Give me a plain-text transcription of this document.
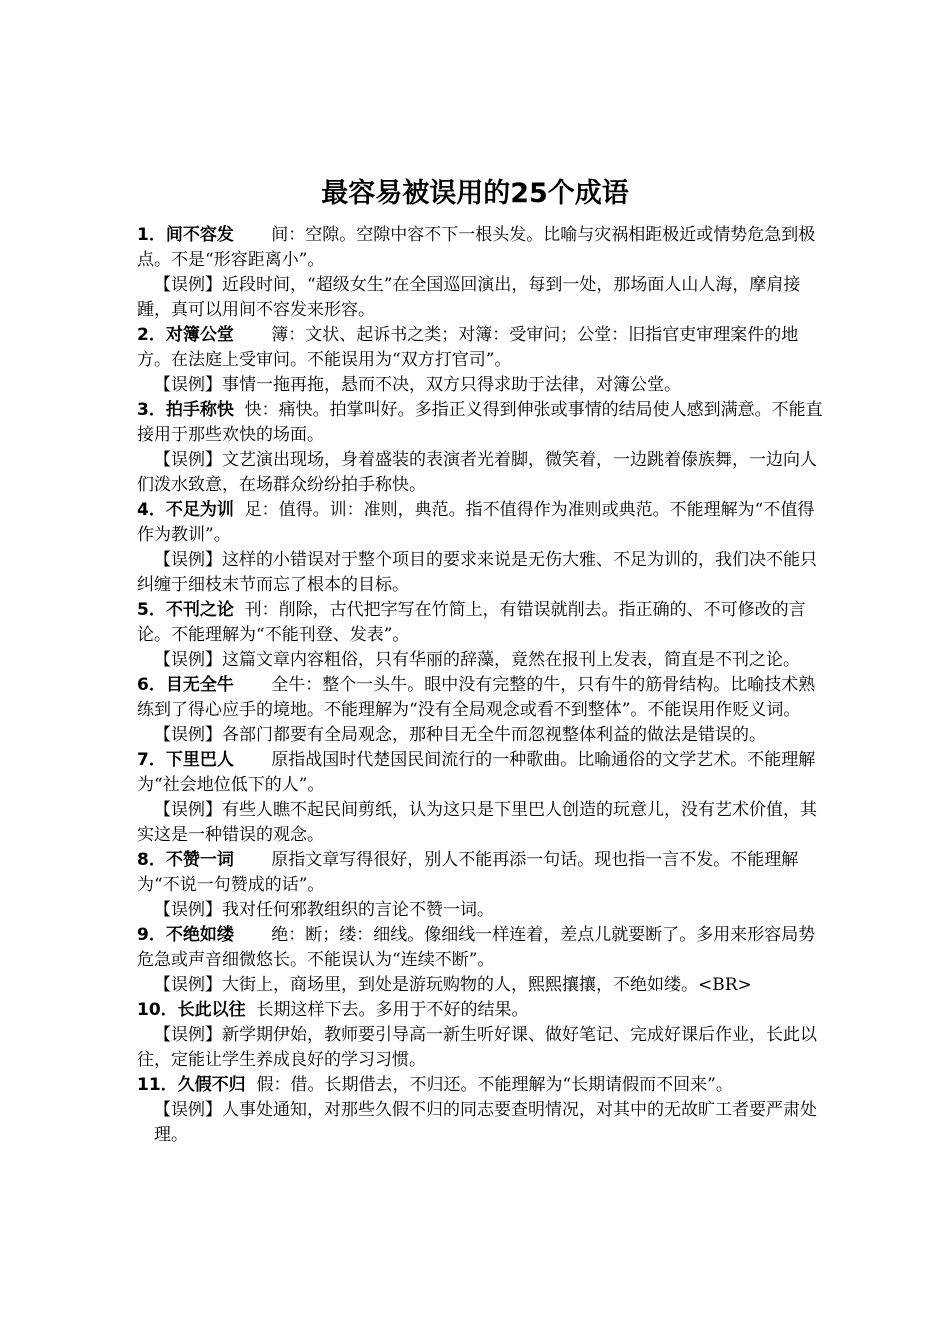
最容易被误用的25个成语

1．间不容发 间：空隙。空隙中容不下一根头发。比喻与灾祸相距极近或情势危急到极点。不是“形容距离小”。

【误例】近段时间，“超级女生”在全国巡回演出，每到一处，那场面人山人海，摩肩接踵，真可以用间不容发来形容。

2．对簿公堂 簿：文状、起诉书之类；对簿：受审问；公堂：旧指官吏审理案件的地方。在法庭上受审问。不能误用为“双方打官司”。

【误例】事情一拖再拖，悬而不决，双方只得求助于法律，对簿公堂。

3．拍手称快 快：痛快。拍掌叫好。多指正义得到伸张或事情的结局使人感到满意。不能直接用于那些欢快的场面。

【误例】文艺演出现场，身着盛装的表演者光着脚，微笑着，一边跳着傣族舞，一边向人们泼水致意，在场群众纷纷拍手称快。

4．不足为训 足：值得。训：准则，典范。指不值得作为准则或典范。不能理解为“不值得作为教训”。

【误例】这样的小错误对于整个项目的要求来说是无伤大雅、不足为训的，我们决不能只纠缠于细枝末节而忘了根本的目标。

5．不刊之论 刊：削除，古代把字写在竹简上，有错误就削去。指正确的、不可修改的言论。不能理解为“不能刊登、发表”。

【误例】这篇文章内容粗俗，只有华丽的辞藻，竟然在报刊上发表，简直是不刊之论。

6．目无全牛 全牛：整个一头牛。眼中没有完整的牛，只有牛的筋骨结构。比喻技术熟练到了得心应手的境地。不能理解为“没有全局观念或看不到整体”。不能误用作贬义词。

【误例】各部门都要有全局观念，那种目无全牛而忽视整体利益的做法是错误的。

7．下里巴人 原指战国时代楚国民间流行的一种歌曲。比喻通俗的文学艺术。不能理解为“社会地位低下的人”。

【误例】有些人瞧不起民间剪纸，认为这只是下里巴人创造的玩意儿，没有艺术价值，其实这是一种错误的观念。

8．不赞一词 原指文章写得很好，别人不能再添一句话。现也指一言不发。不能理解为“不说一句赞成的话”。

【误例】我对任何邪教组织的言论不赞一词。

9．不绝如缕 绝：断；缕：细线。像细线一样连着，差点儿就要断了。多用来形容局势危急或声音细微悠长。不能误认为“连续不断”。

【误例】大街上，商场里，到处是游玩购物的人，熙熙攘攘，不绝如缕。<BR>

10．长此以往 长期这样下去。多用于不好的结果。

【误例】新学期伊始，教师要引导高一新生听好课、做好笔记、完成好课后作业，长此以往，定能让学生养成良好的学习习惯。

11．久假不归 假：借。长期借去，不归还。不能理解为“长期请假而不回来”。

【误例】人事处通知，对那些久假不归的同志要查明情况，对其中的无故旷工者要严肃处理。
